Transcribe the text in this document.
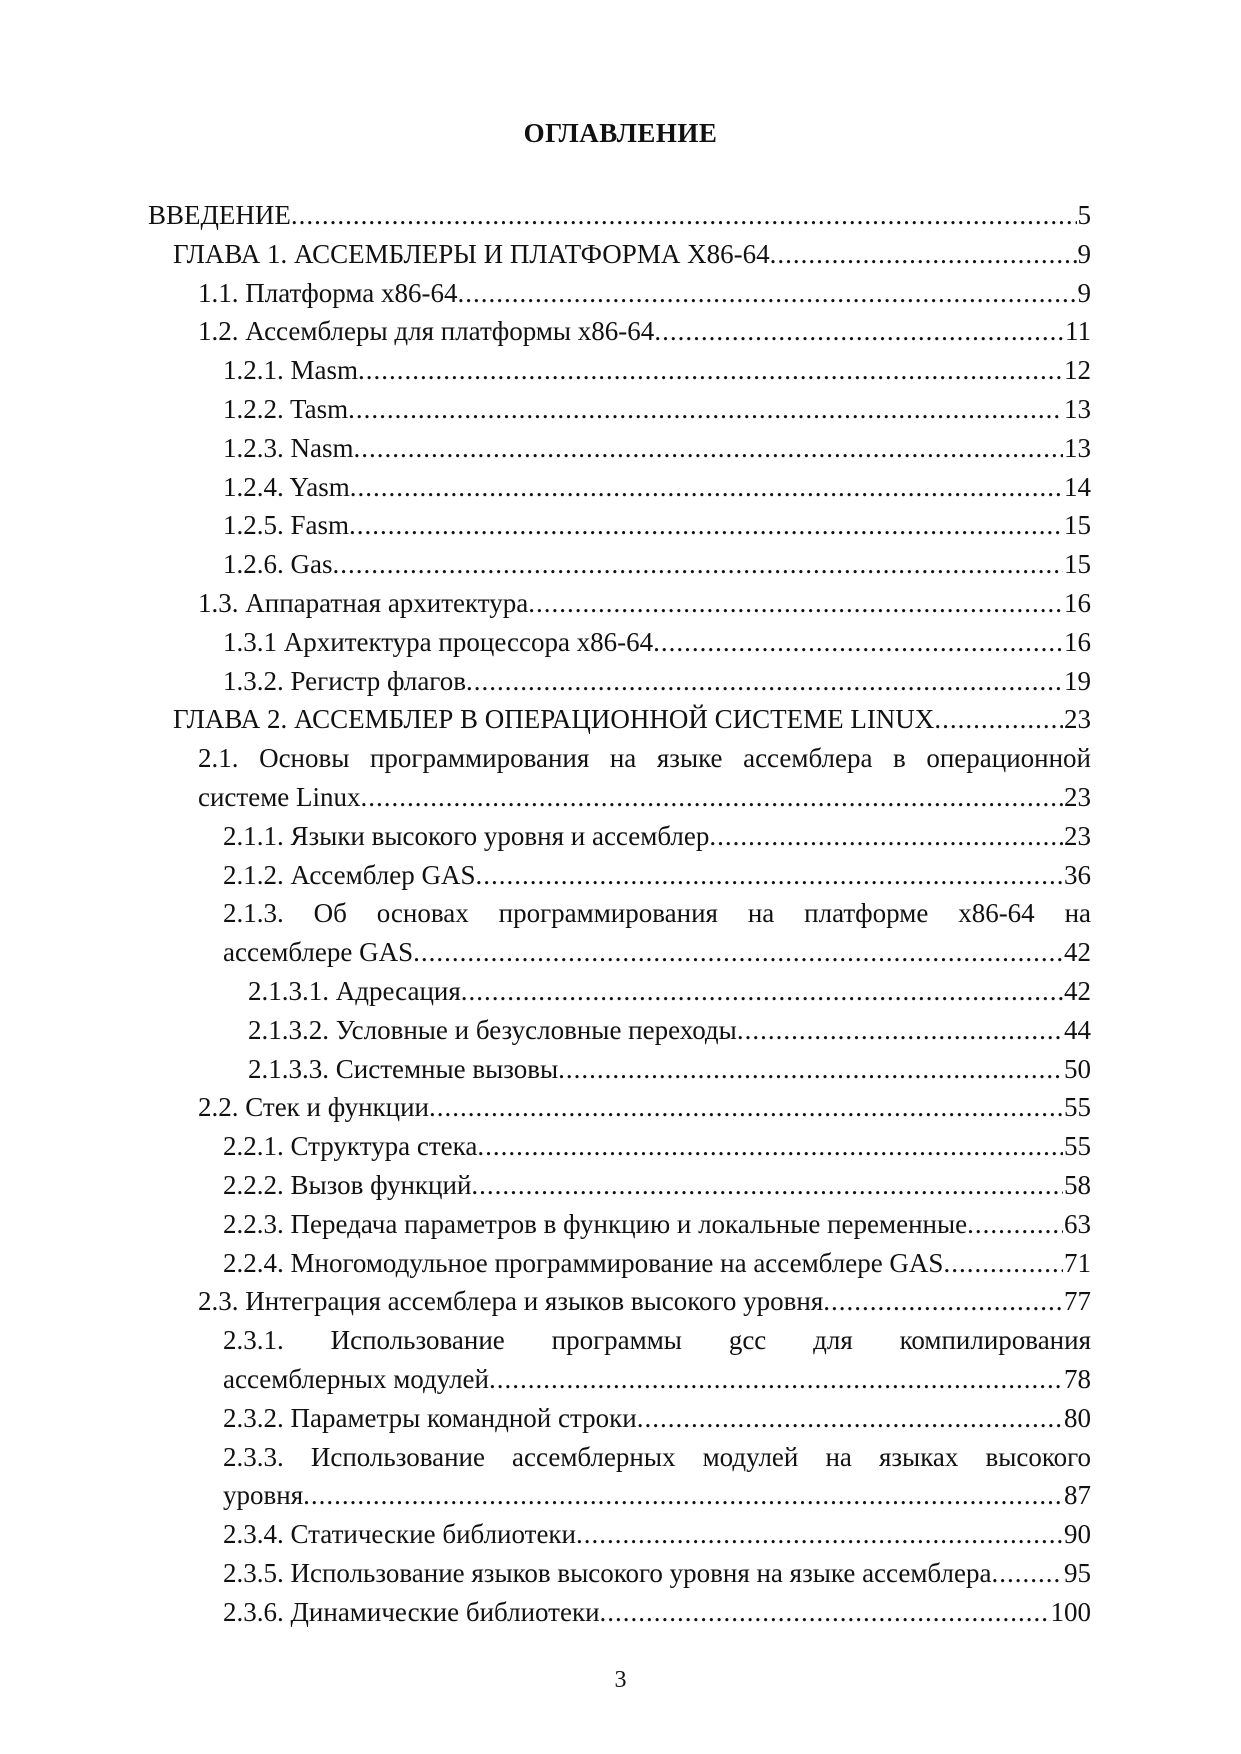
ОГЛАВЛЕНИЕ
ВВЕДЕНИЕ .....	5
ГЛАВА 1. АССЕМБЛЕРЫ И ПЛАТФОРМА X86-64 .....	9
1.1. Платформа x86-64 .....	9
1.2. Ассемблеры для платформы x86-64 .....	11
1.2.1. Masm .....	12
1.2.2. Tasm .....	13
1.2.3. Nasm .....	13
1.2.4. Yasm .....	14
1.2.5. Fasm .....	15
1.2.6. Gas .....	15
1.3. Аппаратная архитектура .....	16
1.3.1 Архитектура процессора x86-64 .....	16
1.3.2. Регистр флагов .....	19
ГЛАВА 2. АССЕМБЛЕР В ОПЕРАЦИОННОЙ СИСТЕМЕ LINUX .....	23
2.1. Основы программирования на языке ассемблера в операционной
системе Linux .....	23
2.1.1. Языки высокого уровня и ассемблер .....	23
2.1.2. Ассемблер GAS .....	36
2.1.3. Об основах программирования на платформе x86-64 на
ассемблере GAS .....	42
2.1.3.1. Адресация .....	42
2.1.3.2. Условные и безусловные переходы .....	44
2.1.3.3. Системные вызовы .....	50
2.2. Стек и функции .....	55
2.2.1. Структура стека .....	55
2.2.2. Вызов функций .....	58
2.2.3. Передача параметров в функцию и локальные переменные .....	63
2.2.4. Многомодульное программирование на ассемблере GAS .....	71
2.3. Интеграция ассемблера и языков высокого уровня .....	77
2.3.1. Использование программы gcc для компилирования
ассемблерных модулей .....	78
2.3.2. Параметры командной строки .....	80
2.3.3. Использование ассемблерных модулей на языках высокого
уровня .....	87
2.3.4. Статические библиотеки .....	90
2.3.5. Использование языков высокого уровня на языке ассемблера .....	95
2.3.6. Динамические библиотеки .....	100
3
